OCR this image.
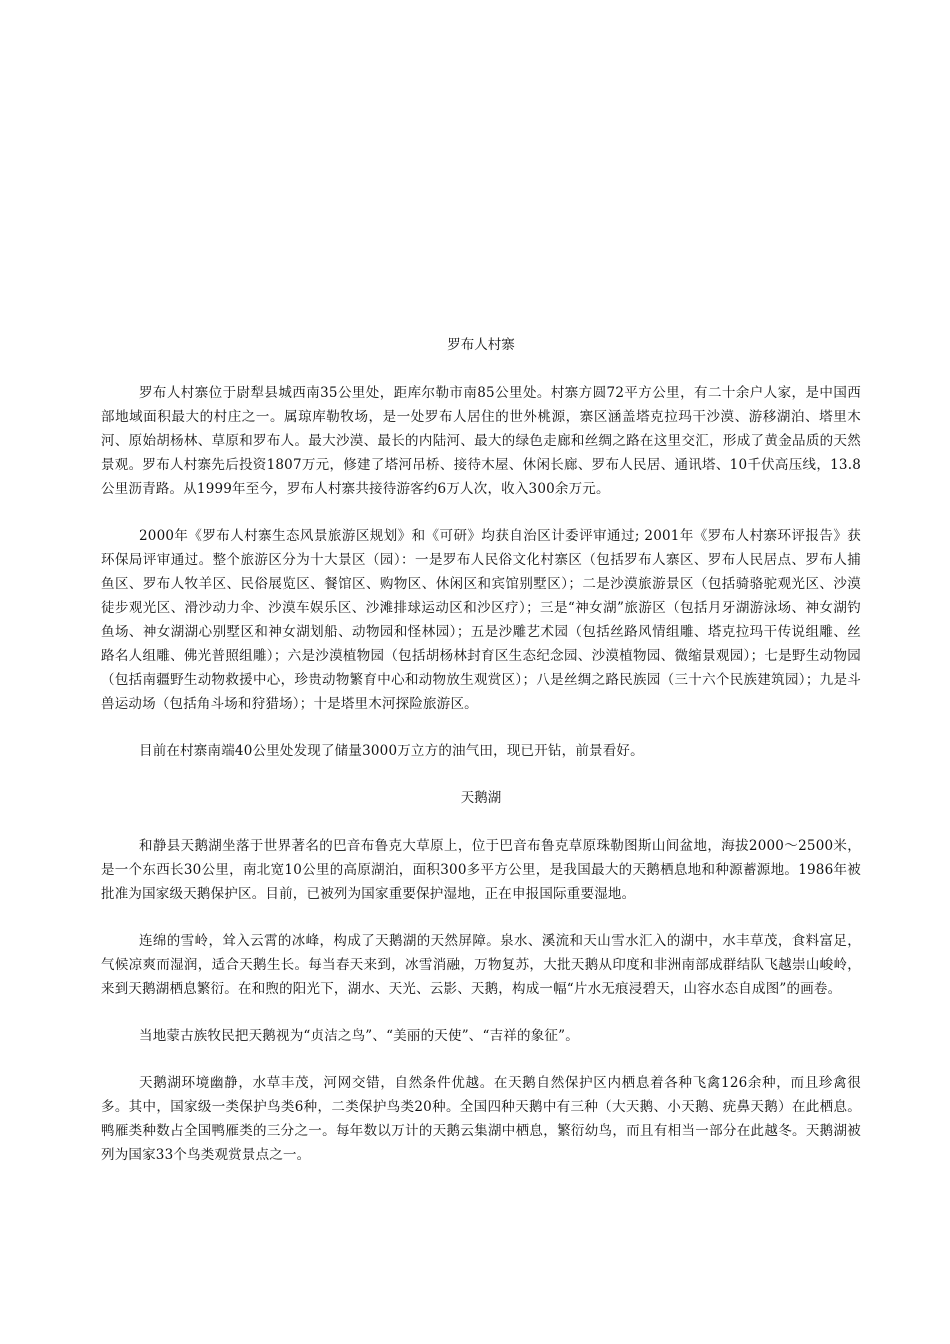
罗布人村寨

罗布人村寨位于尉犁县城西南35公里处，距库尔勒市南85公里处。村寨方圆72平方公里，有二十余户人家，是中国西部地域面积最大的村庄之一。属琼库勒牧场，是一处罗布人居住的世外桃源，寨区涵盖塔克拉玛干沙漠、游移湖泊、塔里木河、原始胡杨林、草原和罗布人。最大沙漠、最长的内陆河、最大的绿色走廊和丝绸之路在这里交汇，形成了黄金品质的天然景观。罗布人村寨先后投资1807万元，修建了塔河吊桥、接待木屋、休闲长廊、罗布人民居、通讯塔、10千伏高压线，13.8公里沥青路。从1999年至今，罗布人村寨共接待游客约6万人次，收入300余万元。

2000年《罗布人村寨生态风景旅游区规划》和《可研》均获自治区计委评审通过; 2001年《罗布人村寨环评报告》获环保局评审通过。整个旅游区分为十大景区（园）：一是罗布人民俗文化村寨区（包括罗布人寨区、罗布人民居点、罗布人捕鱼区、罗布人牧羊区、民俗展览区、餐馆区、购物区、休闲区和宾馆别墅区）；二是沙漠旅游景区（包括骑骆驼观光区、沙漠徒步观光区、滑沙动力伞、沙漠车娱乐区、沙滩排球运动区和沙区疗）；三是“神女湖”旅游区（包括月牙湖游泳场、神女湖钓鱼场、神女湖湖心别墅区和神女湖划船、动物园和怪林园）；五是沙雕艺术园（包括丝路风情组雕、塔克拉玛干传说组雕、丝路名人组雕、佛光普照组雕）；六是沙漠植物园（包括胡杨林封育区生态纪念园、沙漠植物园、微缩景观园）；七是野生动物园（包括南疆野生动物救援中心，珍贵动物繁育中心和动物放生观赏区）；八是丝绸之路民族园（三十六个民族建筑园）；九是斗兽运动场（包括角斗场和狩猎场）；十是塔里木河探险旅游区。

目前在村寨南端40公里处发现了储量3000万立方的油气田，现已开钻，前景看好。

天鹅湖

和静县天鹅湖坐落于世界著名的巴音布鲁克大草原上，位于巴音布鲁克草原珠勒图斯山间盆地，海拔2000～2500米，是一个东西长30公里，南北宽10公里的高原湖泊，面积300多平方公里，是我国最大的天鹅栖息地和种源蓄源地。1986年被批准为国家级天鹅保护区。目前，已被列为国家重要保护湿地，正在申报国际重要湿地。

连绵的雪岭，耸入云霄的冰峰，构成了天鹅湖的天然屏障。泉水、溪流和天山雪水汇入的湖中，水丰草茂，食料富足，气候凉爽而湿润，适合天鹅生长。每当春天来到，冰雪消融，万物复苏，大批天鹅从印度和非洲南部成群结队飞越崇山峻岭，来到天鹅湖栖息繁衍。在和煦的阳光下，湖水、天光、云影、天鹅，构成一幅“片水无痕浸碧天，山容水态自成图”的画卷。

当地蒙古族牧民把天鹅视为“贞洁之鸟”、“美丽的天使”、“吉祥的象征”。

天鹅湖环境幽静，水草丰茂，河网交错，自然条件优越。在天鹅自然保护区内栖息着各种飞禽126余种，而且珍禽很多。其中，国家级一类保护鸟类6种，二类保护鸟类20种。全国四种天鹅中有三种（大天鹅、小天鹅、疣鼻天鹅）在此栖息。鸭雁类种数占全国鸭雁类的三分之一。每年数以万计的天鹅云集湖中栖息，繁衍幼鸟，而且有相当一部分在此越冬。天鹅湖被列为国家33个鸟类观赏景点之一。
